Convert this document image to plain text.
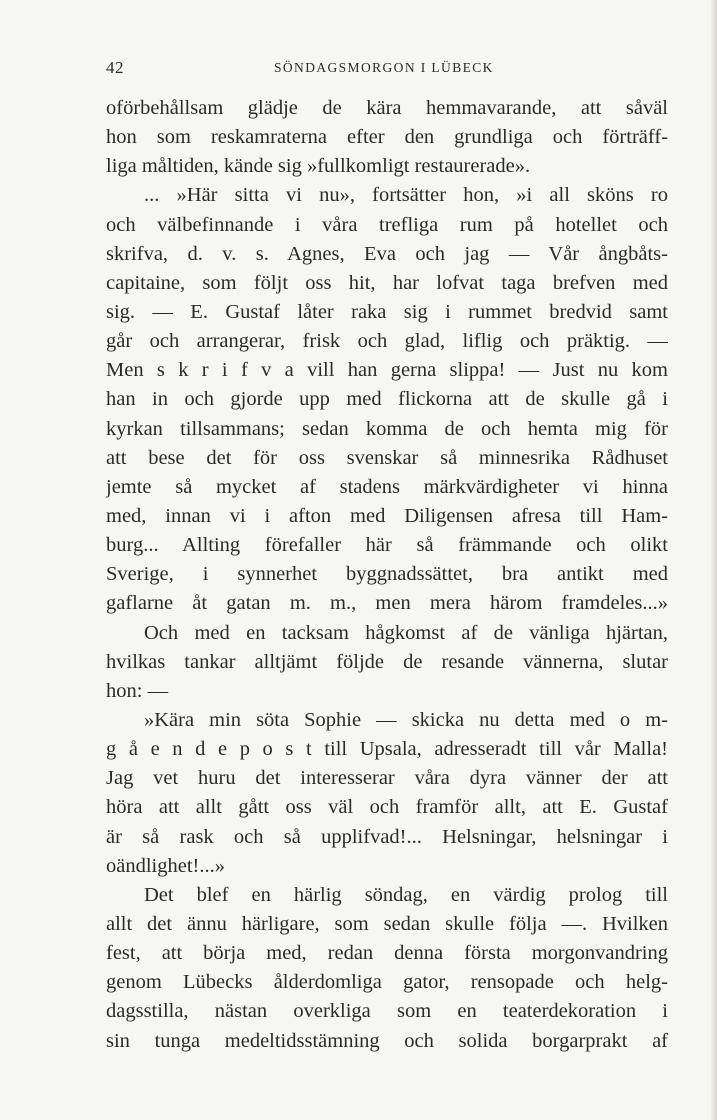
42	SÖNDAGSMORGON I LÜBECK
oförbehållsam glädje de kära hemmavarande, att såväl
hon som reskamraterna efter den grundliga och förträff-
liga måltiden, kände sig »fullkomligt restaurerade».
... »Här sitta vi nu», fortsätter hon, »i all sköns ro
och välbefinnande i våra trefliga rum på hotellet och
skrifva, d. v. s. Agnes, Eva och jag — Vår ångbåts-
capitaine, som följt oss hit, har lofvat taga brefven med
sig. — E. Gustaf låter raka sig i rummet bredvid samt
går och arrangerar, frisk och glad, liflig och präktig. —
Men s k r i f v a vill han gerna slippa! — Just nu kom
han in och gjorde upp med flickorna att de skulle gå i
kyrkan tillsammans; sedan komma de och hemta mig för
att bese det för oss svenskar så minnesrika Rådhuset
jemte så mycket af stadens märkvärdigheter vi hinna
med, innan vi i afton med Diligensen afresa till Ham-
burg... Allting förefaller här så främmande och olikt
Sverige, i synnerhet byggnadssättet, bra antikt med
gaflarne åt gatan m. m., men mera härom framdeles...»
Och med en tacksam hågkomst af de vänliga hjärtan,
hvilkas tankar alltjämt följde de resande vännerna, slutar
hon: —
»Kära min söta Sophie — skicka nu detta med o m-
g å e n d e p o s t till Upsala, adresseradt till vår Malla!
Jag vet huru det interesserar våra dyra vänner der att
höra att allt gått oss väl och framför allt, att E. Gustaf
är så rask och så upplifvad!... Helsningar, helsningar i
oändlighet!...»
Det blef en härlig söndag, en värdig prolog till
allt det ännu härligare, som sedan skulle följa —. Hvilken
fest, att börja med, redan denna första morgonvandring
genom Lübecks ålderdomliga gator, rensopade och helg-
dagsstilla, nästan overkliga som en teaterdekoration i
sin tunga medeltidsstämning och solida borgarprakt af
